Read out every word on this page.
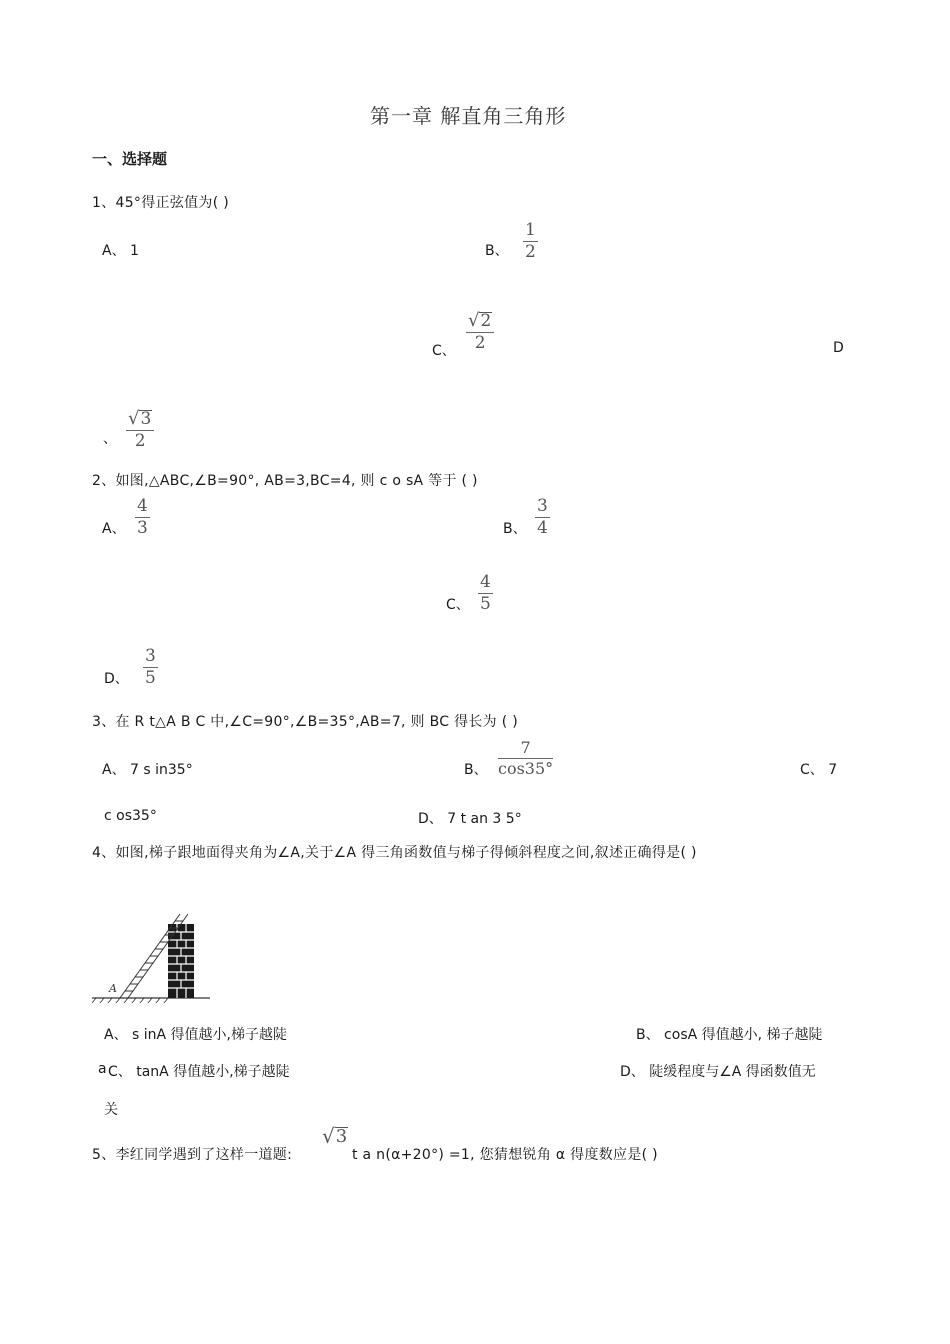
第一章 解直角三角形
一、选择题
1、45°得正弦值为( )
A、 1	B、
1
2
C、
√ 2
2	D
、
√ 3
2
2、如图,△ABC,∠B=90°, AB=3,BC=4, 则 c o sA 等于 ( )
A、
4
3	B、
3
4
C、
4
5
D、
3
5
3、在 R t△A B C 中,∠C=90°,∠B=35°,AB=7, 则 BC 得长为 ( )
A、 7 s in35°	B、
7
cos35°	C、 7
c os35°	D、 7 t an 3 5°
4、如图,梯子跟地面得夹角为∠A,关于∠A 得三角函数值与梯子得倾斜程度之间,叙述正确得是( )
A
A、 s inA 得值越小,梯子越陡	B、 cosA 得值越小, 梯子越陡
a C、 tanA 得值越小,梯子越陡	D、 陡缓程度与∠A 得函数值无
关
5、李红同学遇到了这样一道题:
√ 3
t a n(α+20°) =1, 您猜想锐角 α 得度数应是( )
